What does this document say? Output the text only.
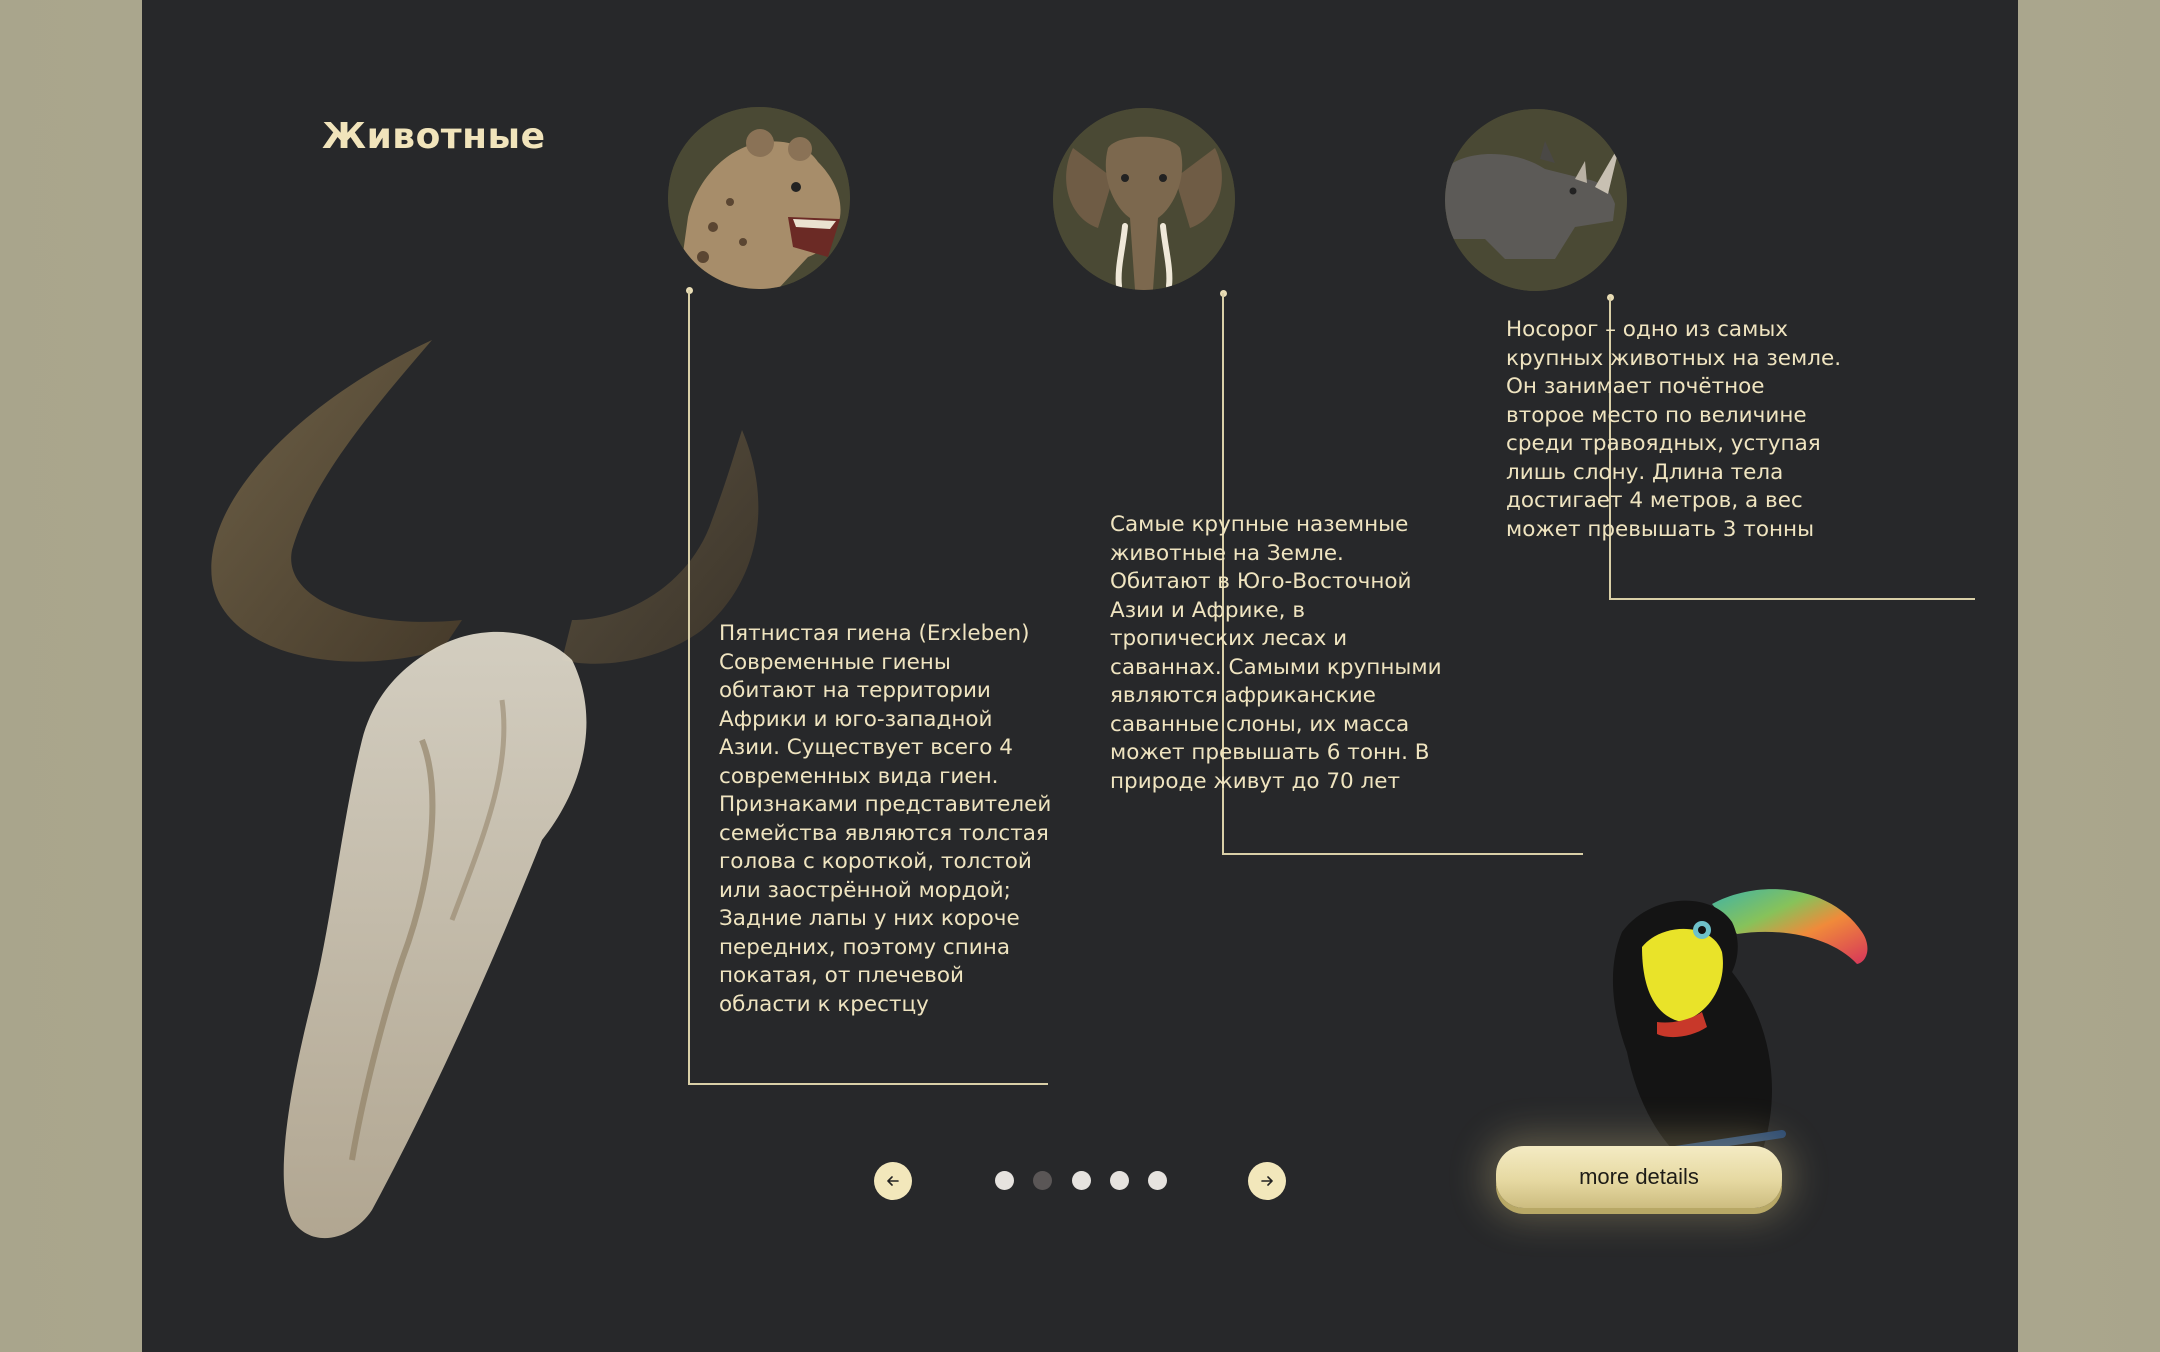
Животные

Пятнистая гиена (Erxleben) Современные гиены обитают на территории Африки и юго-западной Азии. Существует всего 4 современных вида гиен. Признаками представителей семейства являются толстая голова с короткой, толстой или заострённой мордой;
Задние лапы у них короче передних, поэтому спина покатая, от плечевой области к крестцу

Самые крупные наземные животные на Земле. Обитают в Юго-Восточной Азии и Африке, в тропических лесах и саваннах. Самыми крупными являются африканские саванные слоны, их масса может превышать 6 тонн. В природе живут до 70 лет

Носорог – одно из самых крупных животных на земле. Он занимает почётное второе место по величине среди травоядных, уступая лишь слону. Длина тела достигает 4 метров, а вес может превышать 3 тонны

more details
